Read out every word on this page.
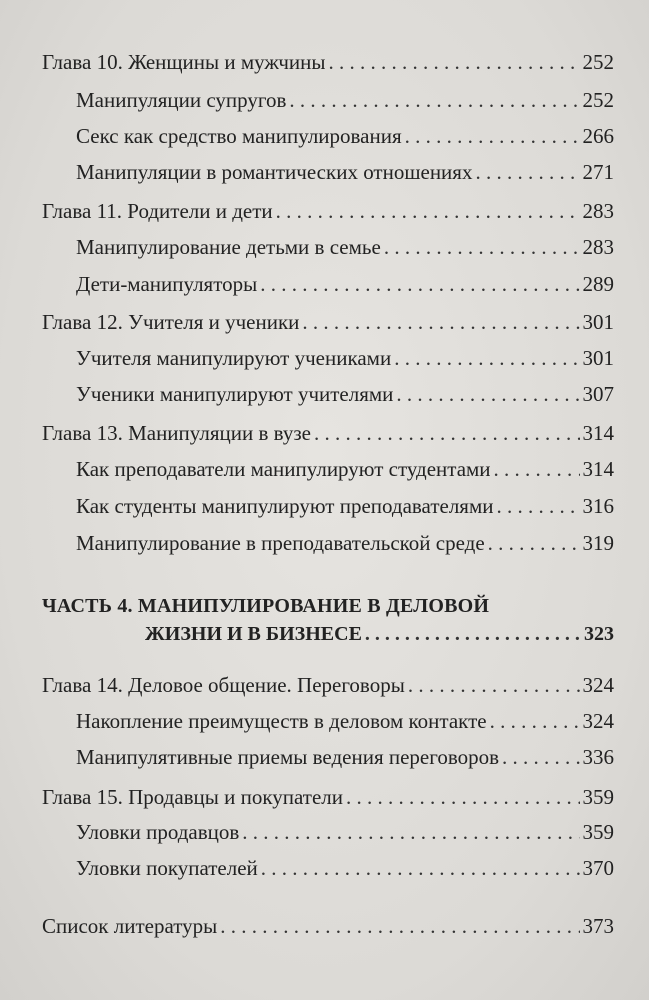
Глава 10. Женщины и мужчины . . .	252
Манипуляции супругов . . .	252
Секс как средство манипулирования . . .	266
Манипуляции в романтических отношениях . . .	271
Глава 11. Родители и дети . . .	283
Манипулирование детьми в семье . . .	283
Дети-манипуляторы . . .	289
Глава 12. Учителя и ученики . . .	301
Учителя манипулируют учениками . . .	301
Ученики манипулируют учителями . . .	307
Глава 13. Манипуляции в вузе . . .	314
Как преподаватели манипулируют студентами . . .	314
Как студенты манипулируют преподавателями . . .	316
Манипулирование в преподавательской среде . . .	319
ЧАСТЬ 4. МАНИПУЛИРОВАНИЕ В ДЕЛОВОЙ
ЖИЗНИ И В БИЗНЕСЕ . . .	323
Глава 14. Деловое общение. Переговоры . . .	324
Накопление преимуществ в деловом контакте . . .	324
Манипулятивные приемы ведения переговоров . . .	336
Глава 15. Продавцы и покупатели . . .	359
Уловки продавцов . . .	359
Уловки покупателей . . .	370
Список литературы . . .	373
